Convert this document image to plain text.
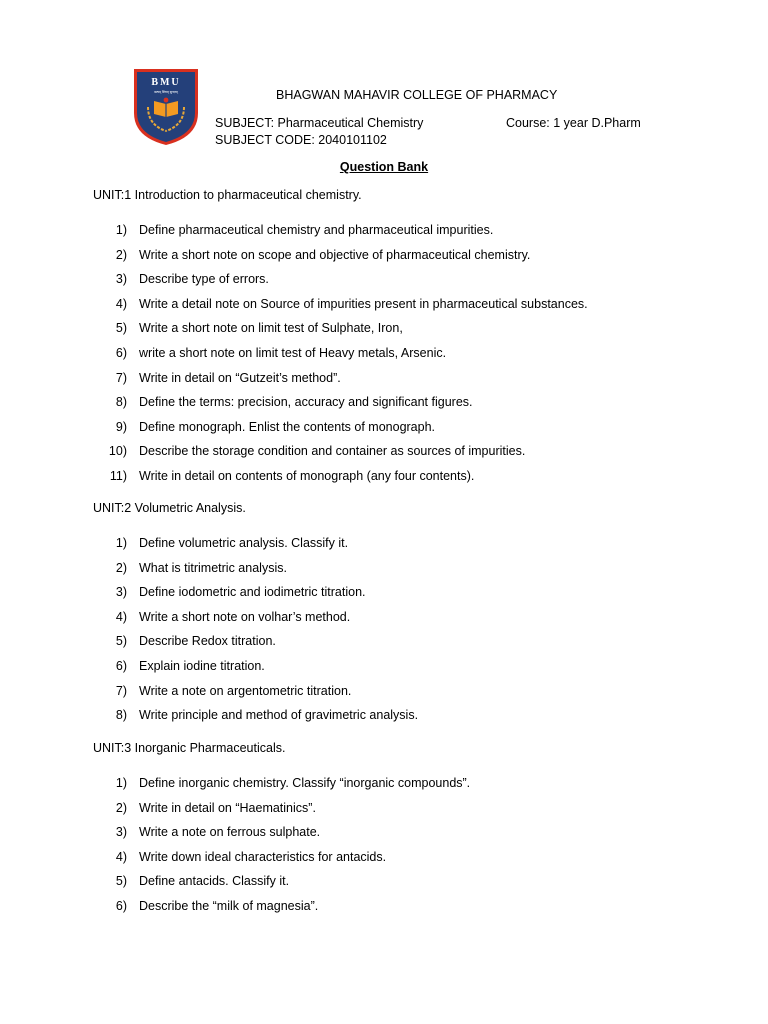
BMU
सत्यम् शिवम् सुन्दरम्	BHAGWAN MAHAVIR COLLEGE OF PHARMACY
SUBJECT: Pharmaceutical Chemistry	Course: 1 year D.Pharm
SUBJECT CODE: 2040101102
Question Bank
UNIT:1 Introduction to pharmaceutical chemistry.
1) Define pharmaceutical chemistry and pharmaceutical impurities.
2) Write a short note on scope and objective of pharmaceutical chemistry.
3) Describe type of errors.
4) Write a detail note on Source of impurities present in pharmaceutical substances.
5) Write a short note on limit test of Sulphate, Iron,
6) write a short note on limit test of Heavy metals, Arsenic.
7) Write in detail on “Gutzeit’s method”.
8) Define the terms: precision, accuracy and significant figures.
9) Define monograph. Enlist the contents of monograph.
10) Describe the storage condition and container as sources of impurities.
11) Write in detail on contents of monograph (any four contents).
UNIT:2 Volumetric Analysis.
1) Define volumetric analysis. Classify it.
2) What is titrimetric analysis.
3) Define iodometric and iodimetric titration.
4) Write a short note on volhar’s method.
5) Describe Redox titration.
6) Explain iodine titration.
7) Write a note on argentometric titration.
8) Write principle and method of gravimetric analysis.
UNIT:3 Inorganic Pharmaceuticals.
1) Define inorganic chemistry. Classify “inorganic compounds”.
2) Write in detail on “Haematinics”.
3) Write a note on ferrous sulphate.
4) Write down ideal characteristics for antacids.
5) Define antacids. Classify it.
6) Describe the “milk of magnesia”.
